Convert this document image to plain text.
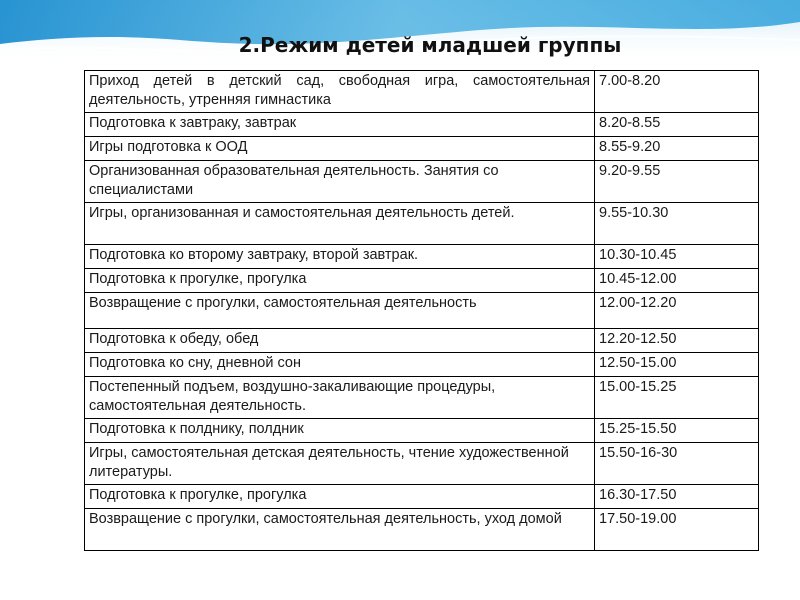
2.Режим детей младшей группы
Приход детей в детский сад, свободная игра, самостоятельная деятельность, утренняя гимнастика	7.00-8.20
Подготовка к завтраку, завтрак	8.20-8.55
Игры подготовка к ООД	8.55-9.20
Организованная образовательная деятельность. Занятия со специалистами	9.20-9.55
Игры, организованная и самостоятельная деятельность детей.	9.55-10.30
Подготовка ко второму завтраку, второй завтрак.	10.30-10.45
Подготовка к прогулке, прогулка	10.45-12.00
Возвращение с прогулки, самостоятельная деятельность	12.00-12.20
Подготовка к обеду, обед	12.20-12.50
Подготовка ко сну, дневной сон	12.50-15.00
Постепенный подъем, воздушно-закаливающие процедуры, самостоятельная деятельность.	15.00-15.25
Подготовка к полднику, полдник	15.25-15.50
Игры, самостоятельная детская деятельность, чтение художественной литературы.	15.50-16-30
Подготовка к прогулке, прогулка	16.30-17.50
Возвращение с прогулки, самостоятельная деятельность, уход домой	17.50-19.00
